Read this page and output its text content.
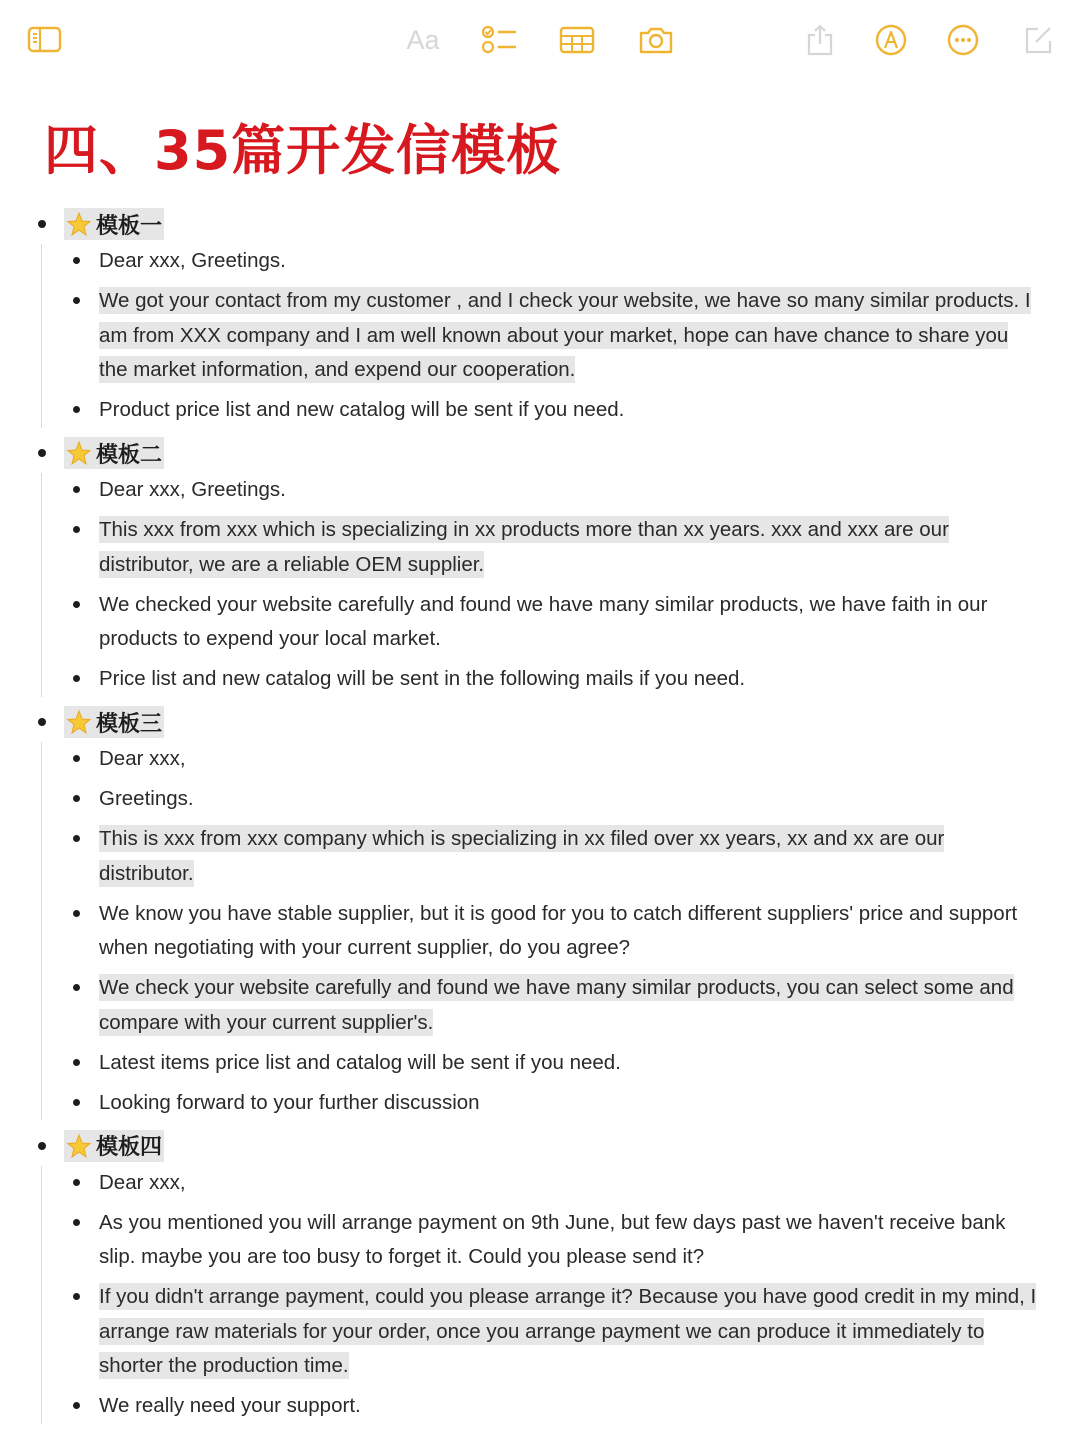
Aa
四、35篇开发信模板
模板一
Dear xxx, Greetings.
We got your contact from my customer , and I check your website, we have so many similar products. I am from XXX company and I am well known about your market, hope can have chance to share you the market information, and expend our cooperation.
Product price list and new catalog will be sent if you need.
模板二
Dear xxx, Greetings.
This xxx from xxx which is specializing in xx products more than xx years. xxx and xxx are our distributor, we are a reliable OEM supplier.
We checked your website carefully and found we have many similar products, we have faith in our products to expend your local market.
Price list and new catalog will be sent in the following mails if you need.
模板三
Dear xxx,
Greetings.
This is xxx from xxx company which is specializing in xx filed over xx years, xx and xx are our distributor.
We know you have stable supplier, but it is good for you to catch different suppliers' price and support when negotiating with your current supplier, do you agree?
We check your website carefully and found we have many similar products, you can select some and compare with your current supplier's.
Latest items price list and catalog will be sent if you need.
Looking forward to your further discussion
模板四
Dear xxx,
As you mentioned you will arrange payment on 9th June, but few days past we haven't receive bank slip. maybe you are too busy to forget it. Could you please send it?
If you didn't arrange payment, could you please arrange it? Because you have good credit in my mind, I arrange raw materials for your order, once you arrange payment we can produce it immediately to shorter the production time.
We really need your support.
